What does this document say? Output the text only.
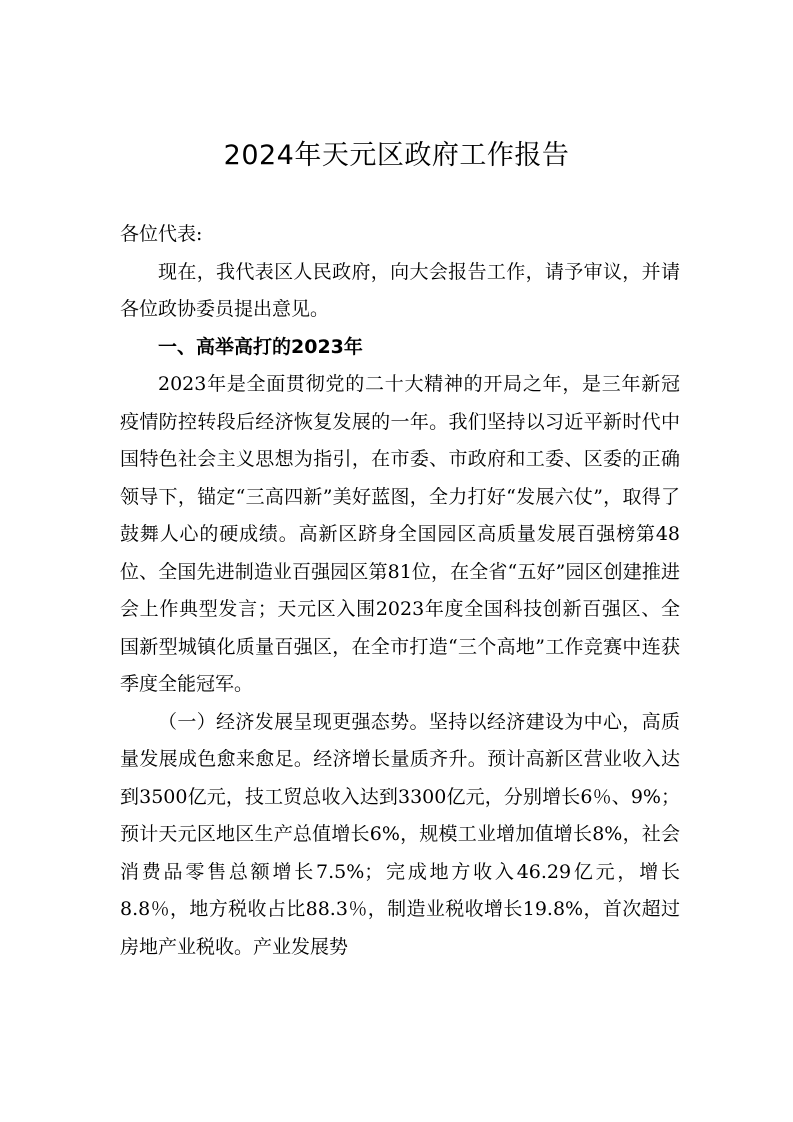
2024年天元区政府工作报告

各位代表:

现在，我代表区人民政府，向大会报告工作，请予审议，并请各位政协委员提出意见。

一、高举高打的2023年

2023年是全面贯彻党的二十大精神的开局之年，是三年新冠疫情防控转段后经济恢复发展的一年。我们坚持以习近平新时代中国特色社会主义思想为指引，在市委、市政府和工委、区委的正确领导下，锚定“三高四新”美好蓝图，全力打好“发展六仗”，取得了鼓舞人心的硬成绩。高新区跻身全国园区高质量发展百强榜第48位、全国先进制造业百强园区第81位，在全省“五好”园区创建推进会上作典型发言；天元区入围2023年度全国科技创新百强区、全国新型城镇化质量百强区，在全市打造“三个高地”工作竞赛中连获季度全能冠军。

（一）经济发展呈现更强态势。坚持以经济建设为中心，高质量发展成色愈来愈足。经济增长量质齐升。预计高新区营业收入达到3500亿元，技工贸总收入达到3300亿元，分别增长6％、9%；预计天元区地区生产总值增长6%，规模工业增加值增长8%，社会消费品零售总额增长7.5%；完成地方收入46.29亿元，增长8.8％，地方税收占比88.3％，制造业税收增长19.8%，首次超过房地产业税收。产业发展势
